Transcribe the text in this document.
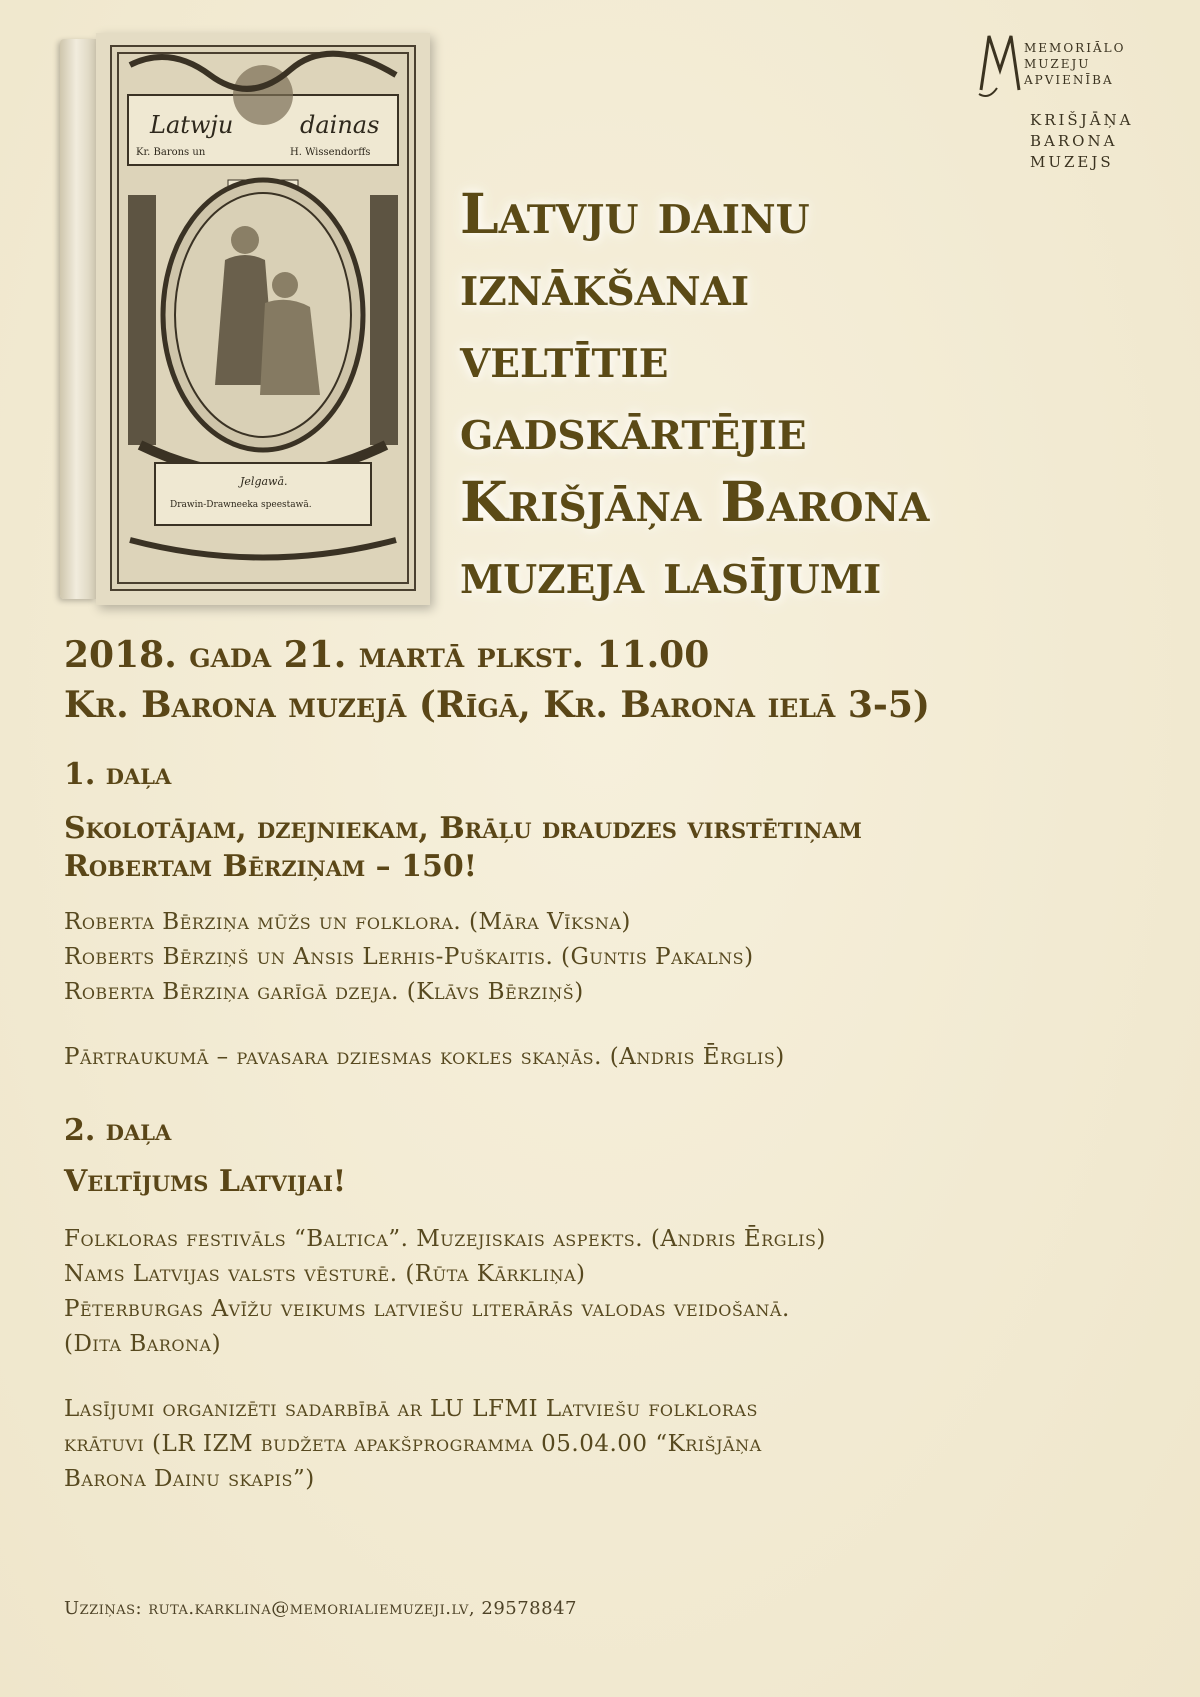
Latwju	dainas
Kr. Barons un	H. Wissendorffs
Jelgawā.
Drawin-Drawneeka speestawā.
MEMORIĀLO
MUZEJU
APVIENĪBA
KRIŠJĀŅA
BARONA
MUZEJS
Latvju dainu
iznākšanai
veltītie
gadskārtējie
Krišjāņa Barona
muzeja lasījumi
2018. gada 21. martā plkst. 11.00
Kr. Barona muzejā (Rīgā, Kr. Barona ielā 3-5)
1. daļa
Skolotājam, dzejniekam, Brāļu draudzes virstētiņam
Robertam Bērziņam – 150!
Roberta Bērziņa mūžs un folklora. (Māra Vīksna)
Roberts Bērziņš un Ansis Lerhis-Puškaitis. (Guntis Pakalns)
Roberta Bērziņa garīgā dzeja. (Klāvs Bērziņš)
Pārtraukumā – pavasara dziesmas kokles skaņās. (Andris Ērglis)
2. daļa
Veltījums Latvijai!
Folkloras festivāls “Baltica”. Muzejiskais aspekts. (Andris Ērglis)
Nams Latvijas valsts vēsturē. (Rūta Kārkliņa)
Pēterburgas Avīžu veikums latviešu literārās valodas veidošanā.
(Dita Barona)
Lasījumi organizēti sadarbībā ar LU LFMI Latviešu folkloras
krātuvi (LR IZM budžeta apakšprogramma 05.04.00 “Krišjāņa
Barona Dainu skapis”)
Uzziņas: ruta.karklina@memorialiemuzeji.lv, 29578847
